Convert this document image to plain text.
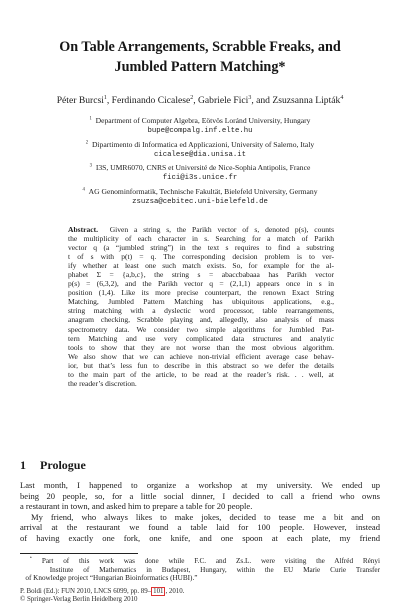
On Table Arrangements, Scrabble Freaks, and
Jumbled Pattern Matching*
Péter Burcsi$^1$, Ferdinando Cicalese$^2$, Gabriele Fici$^3$, and Zsuzsanna Lipták$^4$
$^1$ Department of Computer Algebra, Eötvös Loránd University, Hungary
bupe@compalg.inf.elte.hu
$^2$ Dipartimento di Informatica ed Applicazioni, University of Salerno, Italy
cicalese@dia.unisa.it
$^3$ I3S, UMR6070, CNRS et Université de Nice-Sophia Antipolis, France
fici@i3s.unice.fr
$^4$ AG Genominformatik, Technische Fakultät, Bielefeld University, Germany
zsuzsa@cebitec.uni-bielefeld.de
Abstract. Given a string s, the Parikh vector of s, denoted p(s), counts
the multiplicity of each character in s. Searching for a match of Parikh
vector q (a “jumbled string”) in the text s requires to find a substring
t of s with p(t) = q. The corresponding decision problem is to ver-
ify whether at least one such match exists. So, for example for the al-
phabet Σ = {a,b,c}, the string s = abaccbabaaa has Parikh vector
p(s) = (6,3,2), and the Parikh vector q = (2,1,1) appears once in s in
position (1,4). Like its more precise counterpart, the renown Exact String
Matching, Jumbled Pattern Matching has ubiquitous applications, e.g.,
string matching with a dyslectic word processor, table rearrangements,
anagram checking, Scrabble playing and, allegedly, also analysis of mass
spectrometry data. We consider two simple algorithms for Jumbled Pat-
tern Matching and use very complicated data structures and analytic
tools to show that they are not worse than the most obvious algorithm.
We also show that we can achieve non-trivial efficient average case behav-
ior, but that’s less fun to describe in this abstract so we defer the details
to the main part of the article, to be read at the reader’s risk. . . well, at
the reader’s discretion.
1 Prologue
Last month, I happened to organize a workshop at my university. We ended up
being 20 people, so, for a little social dinner, I decided to call a friend who owns
a restaurant in town, and asked him to prepare a table for 20 people.
My friend, who always likes to make jokes, decided to tease me a bit and on
arrival at the restaurant we found a table laid for 100 people. However, instead
of having exactly one fork, one knife, and one spoon at each plate, my friend
* Part of this work was done while F.C. and Zs.L. were visiting the Alfréd Rényi
Institute of Mathematics in Budapest, Hungary, within the EU Marie Curie Transfer
of Knowledge project “Hungarian Bioinformatics (HUBI).”
P. Boldi (Ed.): FUN 2010, LNCS 6099, pp. 89– 101 , 2010.
© Springer-Verlag Berlin Heidelberg 2010
